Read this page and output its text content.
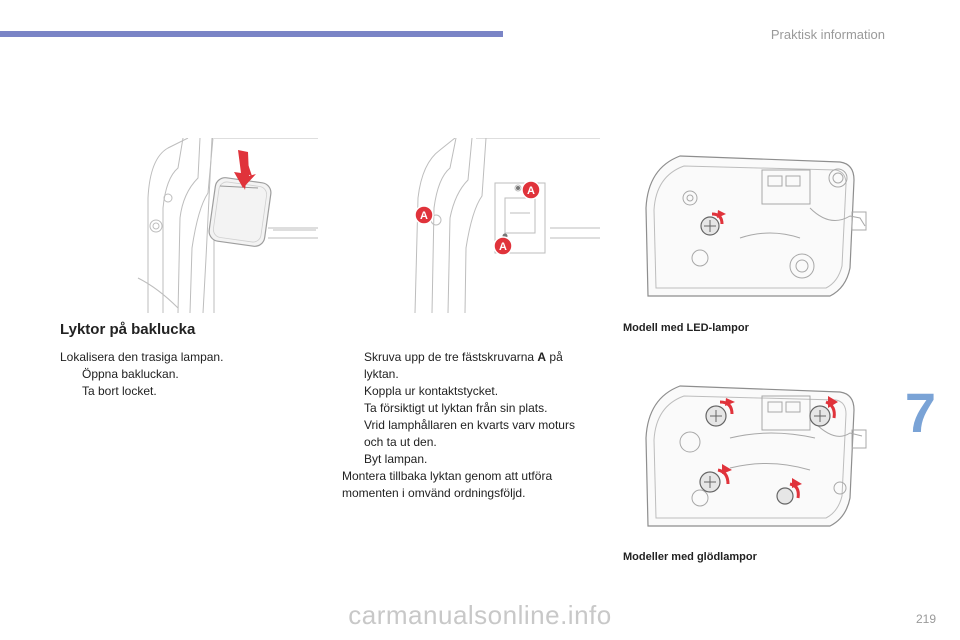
Praktisk information
A
A
A
Lyktor på baklucka
Lokalisera den trasiga lampan.
Öppna bakluckan.
Ta bort locket.
Skruva upp de tre fästskruvarna A på
lyktan.
Koppla ur kontaktstycket.
Ta försiktigt ut lyktan från sin plats.
Vrid lamphållaren en kvarts varv moturs
och ta ut den.
Byt lampan.
Montera tillbaka lyktan genom att utföra
momenten i omvänd ordningsföljd.
Modell med LED-lampor
Modeller med glödlampor
7
219
carmanualsonline.info
